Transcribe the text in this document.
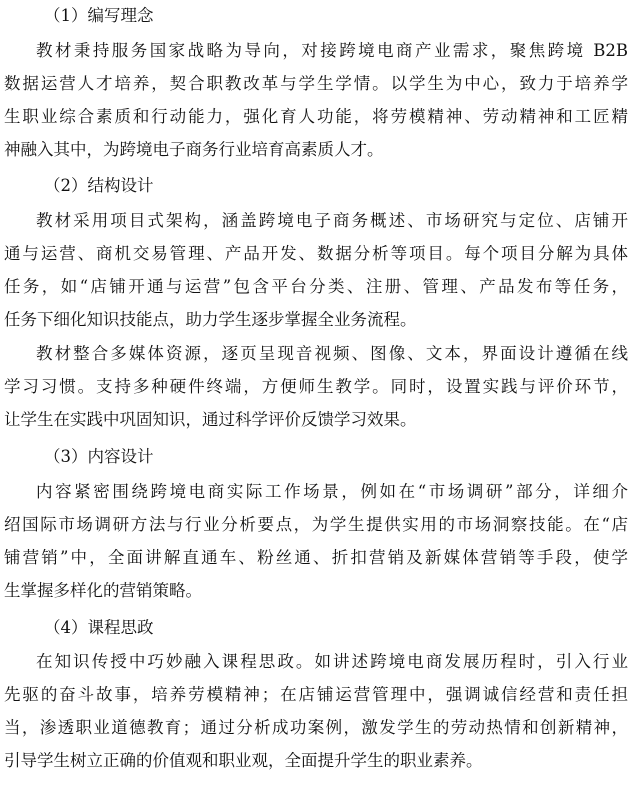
（1）编写理念
教材秉持服务国家战略为导向，对接跨境电商产业需求，聚焦跨境 B2B
数据运营人才培养，契合职教改革与学生学情。以学生为中心，致力于培养学
生职业综合素质和行动能力，强化育人功能，将劳模精神、劳动精神和工匠精
神融入其中，为跨境电子商务行业培育高素质人才。
（2）结构设计
教材采用项目式架构，涵盖跨境电子商务概述、市场研究与定位、店铺开
通与运营、商机交易管理、产品开发、数据分析等项目。每个项目分解为具体
任务，如“店铺开通与运营”包含平台分类、注册、管理、产品发布等任务，
任务下细化知识技能点，助力学生逐步掌握全业务流程。
教材整合多媒体资源，逐页呈现音视频、图像、文本，界面设计遵循在线
学习习惯。支持多种硬件终端，方便师生教学。同时，设置实践与评价环节，
让学生在实践中巩固知识，通过科学评价反馈学习效果。
（3）内容设计
内容紧密围绕跨境电商实际工作场景，例如在“市场调研”部分，详细介
绍国际市场调研方法与行业分析要点，为学生提供实用的市场洞察技能。在“店
铺营销”中，全面讲解直通车、粉丝通、折扣营销及新媒体营销等手段，使学
生掌握多样化的营销策略。
（4）课程思政
在知识传授中巧妙融入课程思政。如讲述跨境电商发展历程时，引入行业
先驱的奋斗故事，培养劳模精神；在店铺运营管理中，强调诚信经营和责任担
当，渗透职业道德教育；通过分析成功案例，激发学生的劳动热情和创新精神，
引导学生树立正确的价值观和职业观，全面提升学生的职业素养。
